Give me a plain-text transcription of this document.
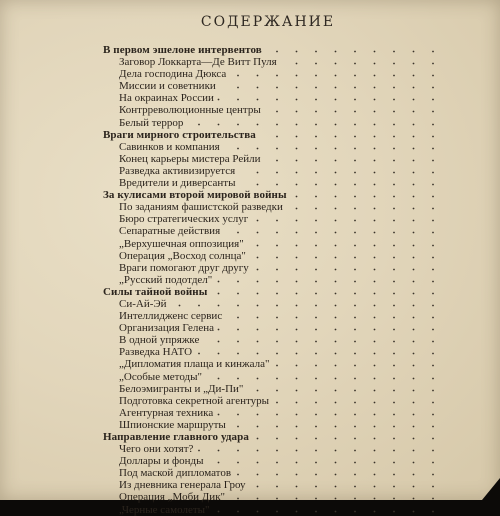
СОДЕРЖАНИЕ
В первом эшелоне интервентов
Заговор Локкарта—Де Витт Пуля
Дела господина Дюкса
Миссии и советники
На окраинах России
Контрреволюционные центры
Белый террор
Враги мирного строительства
Савинков и компания
Конец карьеры мистера Рейли
Разведка активизируется
Вредители и диверсанты
За кулисами второй мировой войны
По заданиям фашистской разведки
Бюро стратегических услуг
Сепаратные действия
„Верхушечная оппозиция"
Операция „Восход солнца"
Враги помогают друг другу
„Русский подотдел"
Силы тайной войны
Си-Ай-Эй
Интеллидженс сервис
Организация Гелена
В одной упряжке
Разведка НАТО
„Дипломатия плаща и кинжала"
„Особые методы"
Белоэмигранты и „Ди-Пи"
Подготовка секретной агентуры
Агентурная техника
Шпионские маршруты
Направление главного удара
Чего они хотят?
Доллары и фонды
Под маской дипломатов
Из дневника генерала Гроу
Операция „Моби Дик"
„Черные самолеты"
